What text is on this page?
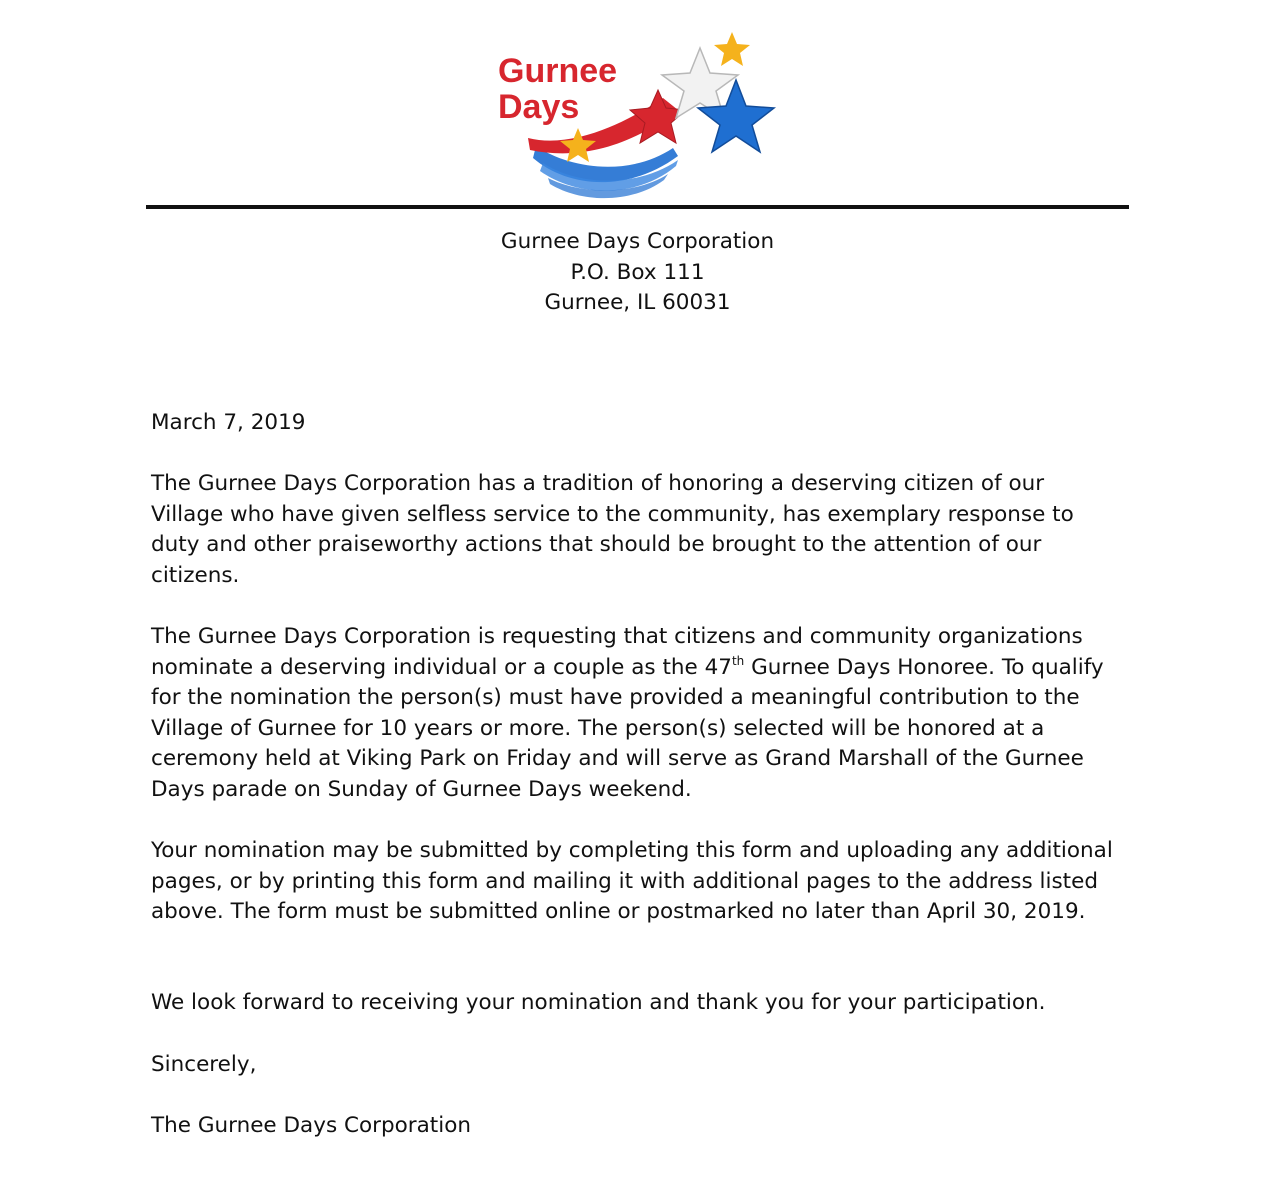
Gurnee
Days
Gurnee Days Corporation
P.O. Box 111
Gurnee, IL 60031

March 7, 2019

The Gurnee Days Corporation has a tradition of honoring a deserving citizen of our Village who have given selfless service to the community, has exemplary response to duty and other praiseworthy actions that should be brought to the attention of our citizens.

The Gurnee Days Corporation is requesting that citizens and community organizations nominate a deserving individual or a couple as the 47th Gurnee Days Honoree. To qualify for the nomination the person(s) must have provided a meaningful contribution to the Village of Gurnee for 10 years or more. The person(s) selected will be honored at a ceremony held at Viking Park on Friday and will serve as Grand Marshall of the Gurnee Days parade on Sunday of Gurnee Days weekend.

Your nomination may be submitted by completing this form and uploading any additional pages, or by printing this form and mailing it with additional pages to the address listed above. The form must be submitted online or postmarked no later than April 30, 2019.

We look forward to receiving your nomination and thank you for your participation.

Sincerely,

The Gurnee Days Corporation
